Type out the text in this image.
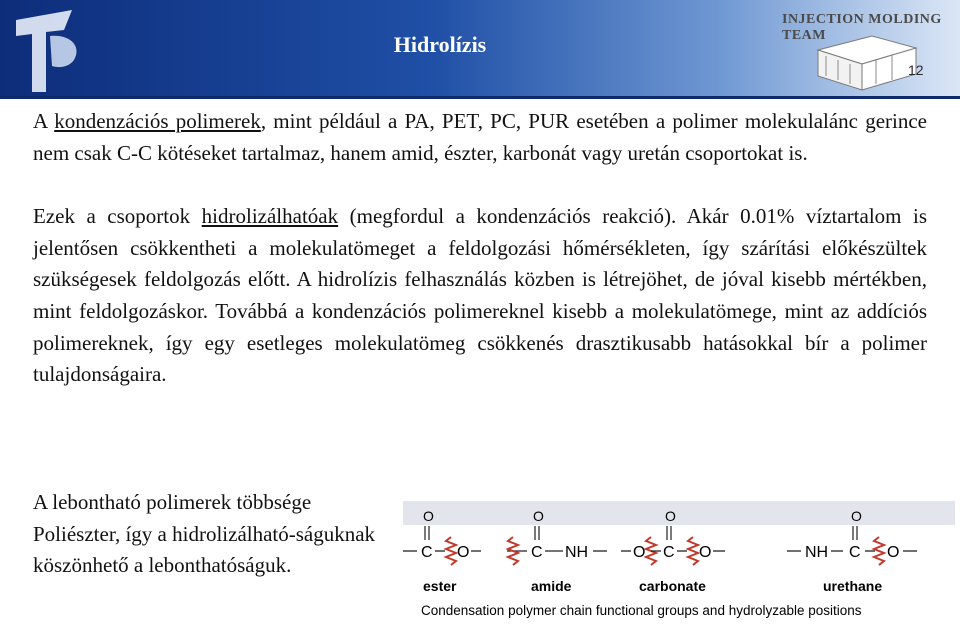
Hidrolízis
INJECTION MOLDING TEAM
12

A kondenzációs polimerek, mint például a PA, PET, PC, PUR esetében a polimer molekulalánc gerince nem csak C-C kötéseket tartalmaz, hanem amid, észter, karbonát vagy uretán csoportokat is.

Ezek a csoportok hidrolizálhatóak (megfordul a kondenzációs reakció). Akár 0.01% víztartalom is jelentősen csökkentheti a molekulatömeget a feldolgozási hőmérsékleten, így szárítási előkészültek szükségesek feldolgozás előtt. A hidrolízis felhasználás közben is létrejöhet, de jóval kisebb mértékben, mint feldolgozáskor. Továbbá a kondenzációs polimereknel kisebb a molekulatömege, mint az addíciós polimereknek, így egy esetleges molekulatömeg csökkenés drasztikusabb hatásokkal bír a polimer tulajdonságaira.

A lebontható polimerek többsége Poliészter, így a hidrolizálható-ságuknak köszönhető a lebonthatóságuk.
O
C O
ester
O
C NH
amide
O
O C O
carbonate
O
NH C O
urethane
Condensation polymer chain functional groups and hydrolyzable positions
